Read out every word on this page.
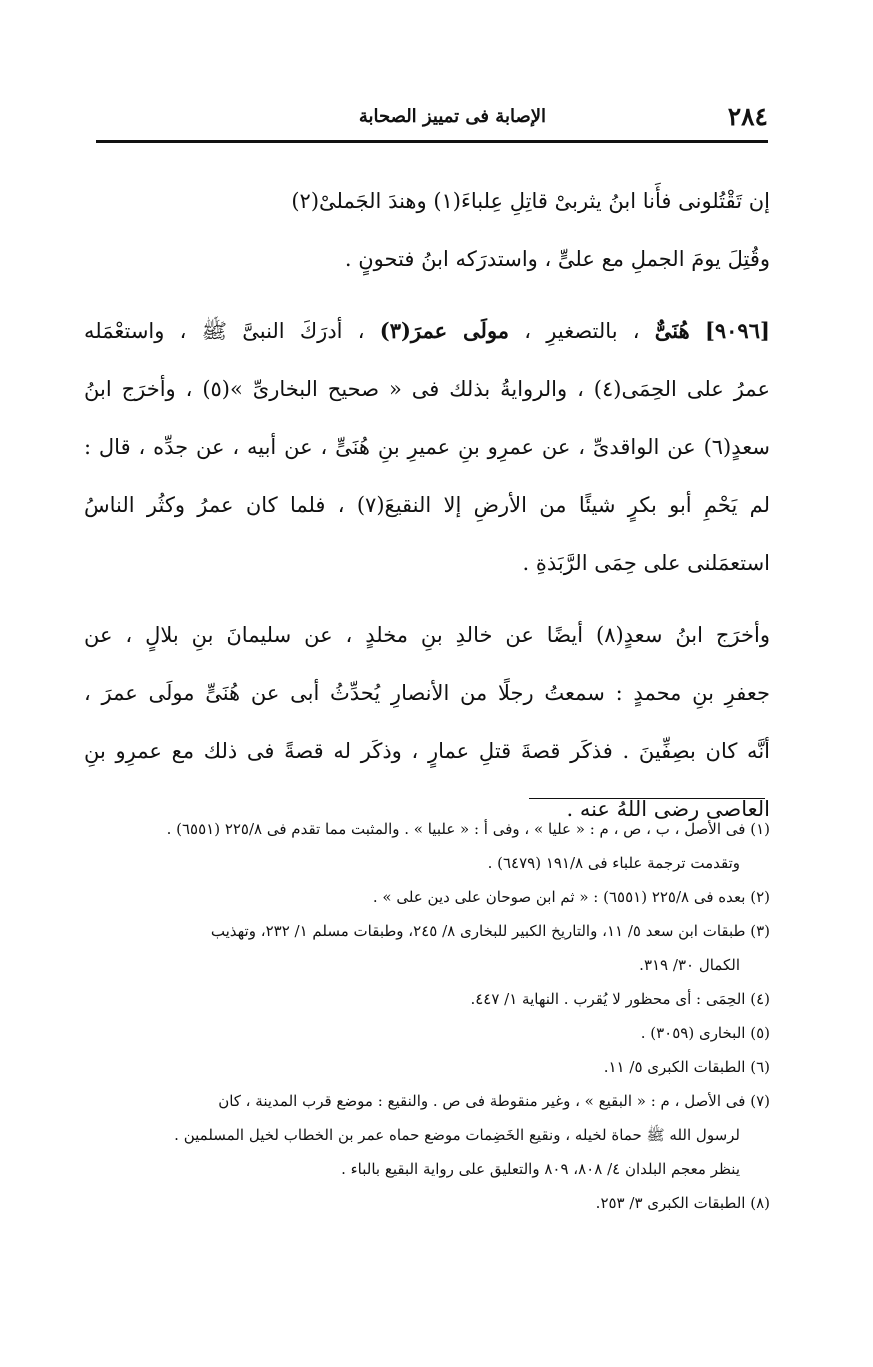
٢٨٤
الإصابة فى تمييز الصحابة
إن تَقْتُلونى فأَنا ابنُ يثربىْ قاتِلِ عِلباءَ(١) وهندَ الجَملىْ(٢)
وقُتِلَ يومَ الجملِ مع علىٍّ ، واستدرَكه ابنُ فتحونٍ .
[٩٠٩٦] هُنَىٌّ ، بالتصغيرِ ، مولَى عمرَ(٣) ، أدرَكَ النبىَّ ﷺ ، واستعْمَله
عمرُ على الحِمَى(٤) ، والروايةُ بذلك فى « صحيح البخارىِّ »(٥) ، وأخرَج ابنُ
سعدٍ(٦) عن الواقدىِّ ، عن عمرِو بنِ عميرِ بنِ هُنَىٍّ ، عن أبيه ، عن جدِّه ، قال :
لم يَحْمِ أبو بكرٍ شيئًا من الأرضِ إلا النقيعَ(٧) ، فلما كان عمرُ وكثُر الناسُ
استعمَلنى على حِمَى الرَّبَذةِ .
وأخرَج ابنُ سعدٍ(٨) أيضًا عن خالدِ بنِ مخلدٍ ، عن سليمانَ بنِ بلالٍ ، عن
جعفرِ بنِ محمدٍ : سمعتُ رجلًا من الأنصارِ يُحدِّثُ أبى عن هُنَىٍّ مولَى عمرَ ،
أنَّه كان بصِفِّينَ . فذكَر قصةَ قتلِ عمارٍ ، وذكَر له قصةً فى ذلك مع عمرِو بنِ
العاصى رضى اللهُ عنه .
(١) فى الأصل ، ب ، ص ، م : « عليا » ، وفى أ : « علبيا » . والمثبت مما تقدم فى ٢٢٥/٨ (٦٥٥١) .
وتقدمت ترجمة علباء فى ١٩١/٨ (٦٤٧٩) .
(٢) بعده فى ٢٢٥/٨ (٦٥٥١) : « ثم ابن صوحان على دين على » .
(٣) طبقات ابن سعد ٥/ ١١، والتاريخ الكبير للبخارى ٨/ ٢٤٥، وطبقات مسلم ١/ ٢٣٢، وتهذيب
الكمال ٣٠/ ٣١٩.
(٤) الحِمَى : أى محظور لا يُقرب . النهاية ١/ ٤٤٧.
(٥) البخارى (٣٠٥٩) .
(٦) الطبقات الكبرى ٥/ ١١.
(٧) فى الأصل ، م : « البقيع » ، وغير منقوطة فى ص . والنقيع : موضع قرب المدينة ، كان
لرسول الله ﷺ حماة لخيله ، ونقيع الخَضِمات موضع حماه عمر بن الخطاب لخيل المسلمين .
ينظر معجم البلدان ٤/ ٨٠٨، ٨٠٩ والتعليق على رواية البقيع بالباء .
(٨) الطبقات الكبرى ٣/ ٢٥٣.
